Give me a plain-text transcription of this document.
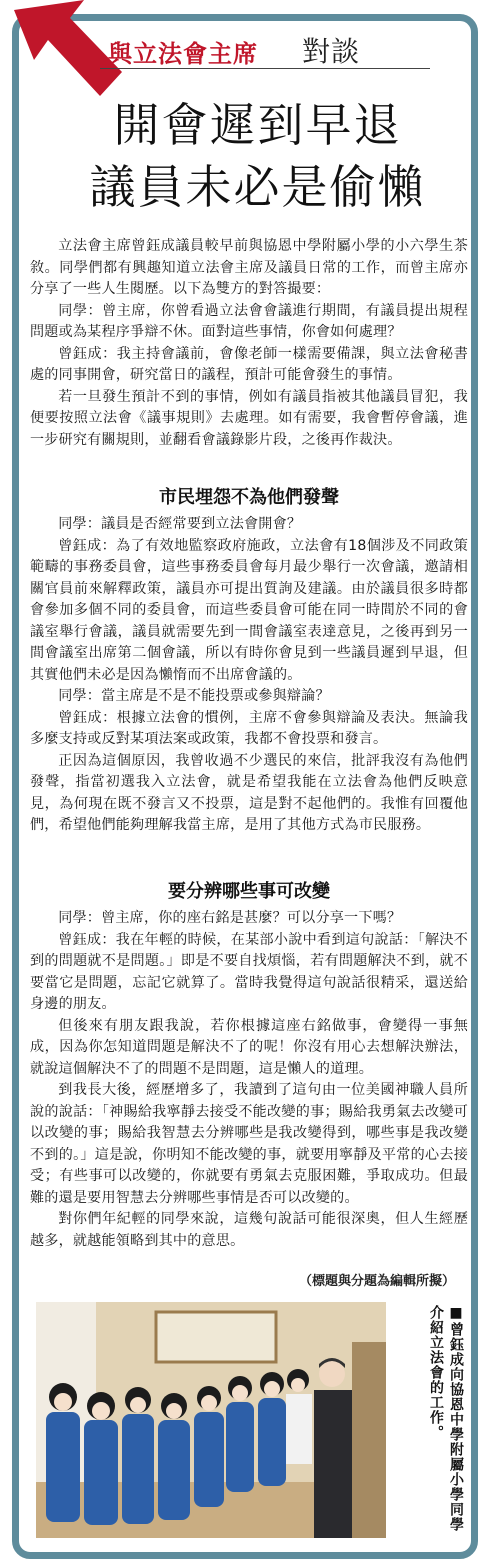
與立法會主席 對談
開會遲到早退
議員未必是偷懶

立法會主席曾鈺成議員較早前與協恩中學附屬小學的小六學生茶敘。同學們都有興趣知道立法會主席及議員日常的工作，而曾主席亦分享了一些人生閱歷。以下為雙方的對答撮要：

同學：曾主席，你曾看過立法會會議進行期間，有議員提出規程問題或為某程序爭辯不休。面對這些事情，你會如何處理？

曾鈺成：我主持會議前，會像老師一樣需要備課，與立法會秘書處的同事開會，研究當日的議程，預計可能會發生的事情。

若一旦發生預計不到的事情，例如有議員指被其他議員冒犯，我便要按照立法會《議事規則》去處理。如有需要，我會暫停會議，進一步研究有關規則，並翻看會議錄影片段，之後再作裁決。

市民埋怨不為他們發聲

同學：議員是否經常要到立法會開會？

曾鈺成：為了有效地監察政府施政，立法會有18個涉及不同政策範疇的事務委員會，這些事務委員會每月最少舉行一次會議，邀請相關官員前來解釋政策，議員亦可提出質詢及建議。由於議員很多時都會參加多個不同的委員會，而這些委員會可能在同一時間於不同的會議室舉行會議，議員就需要先到一間會議室表達意見，之後再到另一間會議室出席第二個會議，所以有時你會見到一些議員遲到早退，但其實他們未必是因為懶惰而不出席會議的。

同學：當主席是不是不能投票或參與辯論？

曾鈺成：根據立法會的慣例，主席不會參與辯論及表決。無論我多麼支持或反對某項法案或政策，我都不會投票和發言。

正因為這個原因，我曾收過不少選民的來信，批評我沒有為他們發聲，指當初選我入立法會，就是希望我能在立法會為他們反映意見，為何現在既不發言又不投票，這是對不起他們的。我惟有回覆他們，希望他們能夠理解我當主席，是用了其他方式為市民服務。

要分辨哪些事可改變

同學：曾主席，你的座右銘是甚麼？可以分享一下嗎？

曾鈺成：我在年輕的時候，在某部小說中看到這句說話：「解決不到的問題就不是問題。」即是不要自找煩惱，若有問題解決不到，就不要當它是問題，忘記它就算了。當時我覺得這句說話很精采，還送給身邊的朋友。

但後來有朋友跟我說，若你根據這座右銘做事，會變得一事無成，因為你怎知道問題是解決不了的呢！你沒有用心去想解決辦法，就說這個解決不了的問題不是問題，這是懶人的道理。

到我長大後，經歷增多了，我讀到了這句由一位美國神職人員所說的說話：「神賜給我寧靜去接受不能改變的事；賜給我勇氣去改變可以改變的事；賜給我智慧去分辨哪些是我改變得到，哪些事是我改變不到的。」這是說，你明知不能改變的事，就要用寧靜及平常的心去接受；有些事可以改變的，你就要有勇氣去克服困難，爭取成功。但最難的還是要用智慧去分辨哪些事情是否可以改變的。

對你們年紀輕的同學來說，這幾句說話可能很深奧，但人生經歷越多，就越能領略到其中的意思。

（標題與分題為編輯所擬）
■曾鈺成向協恩中學附屬小學同學介紹立法會的工作。
